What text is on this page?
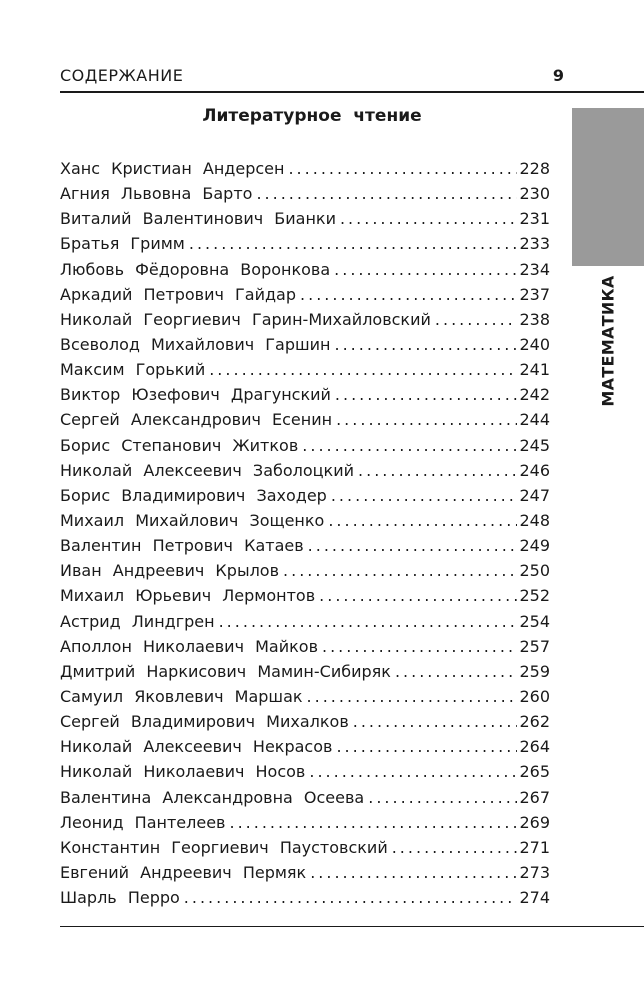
СОДЕРЖАНИЕ	9
МАТЕМАТИКА
Литературное чтение
Ханс Кристиан Андерсен .....	228
Агния Львовна Барто .....	230
Виталий Валентинович Бианки .....	231
Братья Гримм .....	233
Любовь Фёдоровна Воронкова .....	234
Аркадий Петрович Гайдар .....	237
Николай Георгиевич Гарин-Михайловский .....	238
Всеволод Михайлович Гаршин .....	240
Максим Горький .....	241
Виктор Юзефович Драгунский .....	242
Сергей Александрович Есенин .....	244
Борис Степанович Житков .....	245
Николай Алексеевич Заболоцкий .....	246
Борис Владимирович Заходер .....	247
Михаил Михайлович Зощенко .....	248
Валентин Петрович Катаев .....	249
Иван Андреевич Крылов .....	250
Михаил Юрьевич Лермонтов .....	252
Астрид Линдгрен .....	254
Аполлон Николаевич Майков .....	257
Дмитрий Наркисович Мамин-Сибиряк .....	259
Самуил Яковлевич Маршак .....	260
Сергей Владимирович Михалков .....	262
Николай Алексеевич Некрасов .....	264
Николай Николаевич Носов .....	265
Валентина Александровна Осеева .....	267
Леонид Пантелеев .....	269
Константин Георгиевич Паустовский .....	271
Евгений Андреевич Пермяк .....	273
Шарль Перро .....	274
